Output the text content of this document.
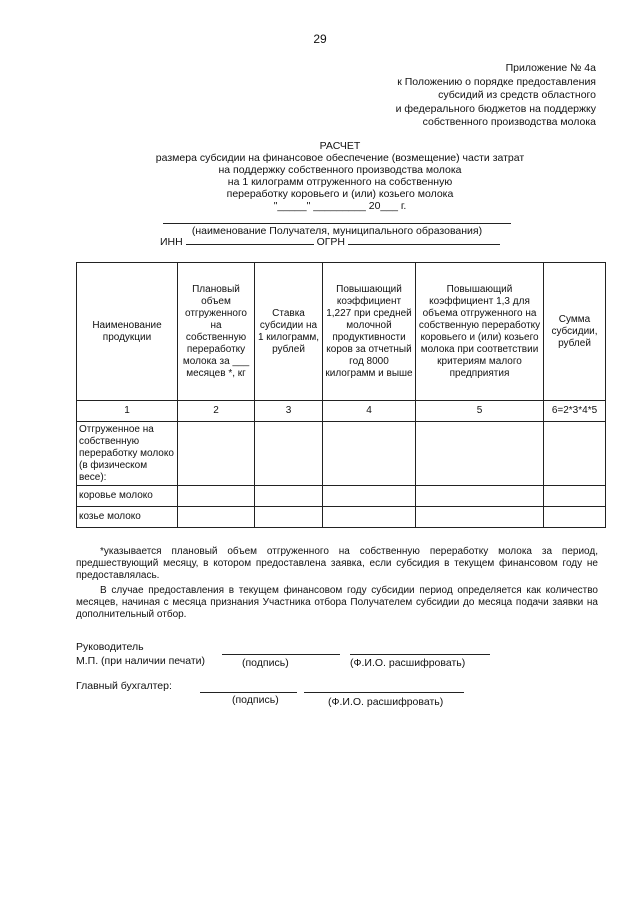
29
Приложение № 4а
к Положению о порядке предоставления
субсидий из средств областного
и федерального бюджетов на поддержку
собственного производства молока
РАСЧЕТ
размера субсидии на финансовое обеспечение (возмещение) части затрат
на поддержку собственного производства молока
на 1 килограмм отгруженного на собственную
переработку коровьего и (или) козьего молока
"_____" _________ 20___ г.
(наименование Получателя, муниципального образования)
ИНН	ОГРН
Наименование продукции	Плановый объем отгруженного на собственную переработку молока за ___ месяцев *, кг	Ставка субсидии на 1 килограмм, рублей	Повышающий коэффициент 1,227 при средней молочной продуктивности коров за отчетный год 8000 килограмм и выше	Повышающий коэффициент 1,3 для объема отгруженного на собственную переработку коровьего и (или) козьего молока при соответствии критериям малого предприятия	Сумма субсидии, рублей
1	2	3	4	5	6=2*3*4*5
Отгруженное на собственную переработку молоко (в физическом весе):					
коровье молоко					
козье молоко					

*указывается плановый объем отгруженного на собственную переработку молока за период, предшествующий месяцу, в котором предоставлена заявка, если субсидия в текущем финансовом году не предоставлялась.

В случае предоставления в текущем финансовом году субсидии период определяется как количество месяцев, начиная с месяца признания Участника отбора Получателем субсидии до месяца подачи заявки на дополнительный отбор.

Руководитель
М.П. (при наличии печати)	(подпись)	(Ф.И.О. расшифровать)
Главный бухгалтер:
(подпись)	(Ф.И.О. расшифровать)
